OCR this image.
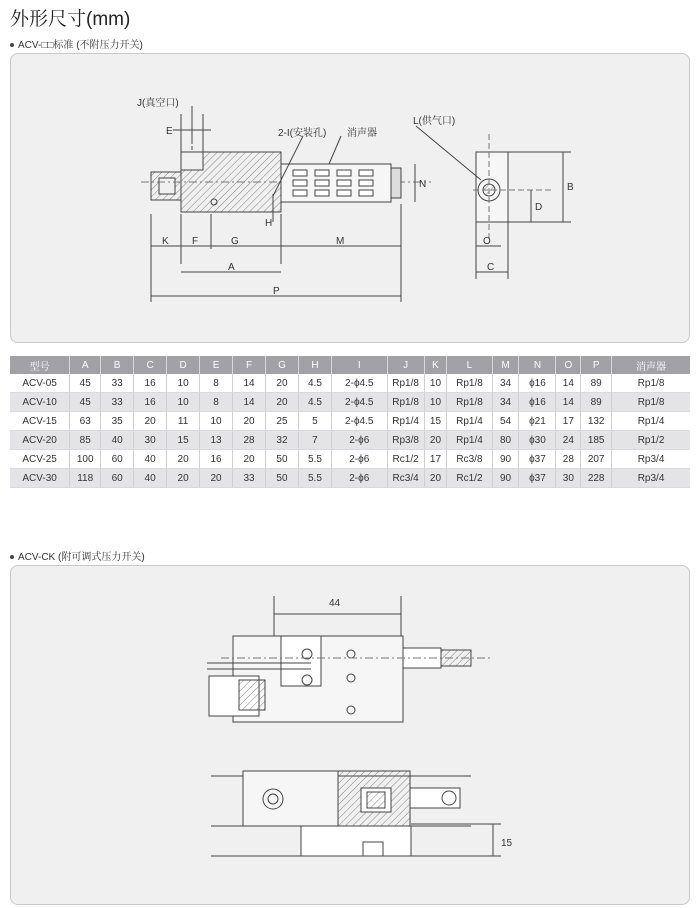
外形尺寸(mm)
ACV-□□标准 (不附压力开关)
J(真空口)
2-I(安装孔) 消声器
L(供气口)
E
K F	G	M
A
P
H
N	B
D
O
C
型号	A	B	C	D	E	F	G	H	I	J	K	L	M	N	O	P	消声器
ACV-05	45	33	16	10	8	14	20	4.5	2-ϕ4.5	Rp1/8	10	Rp1/8	34	ϕ16	14	89	Rp1/8
ACV-10	45	33	16	10	8	14	20	4.5	2-ϕ4.5	Rp1/8	10	Rp1/8	34	ϕ16	14	89	Rp1/8
ACV-15	63	35	20	11	10	20	25	5	2-ϕ4.5	Rp1/4	15	Rp1/4	54	ϕ21	17	132	Rp1/4
ACV-20	85	40	30	15	13	28	32	7	2-ϕ6	Rp3/8	20	Rp1/4	80	ϕ30	24	185	Rp1/2
ACV-25	100	60	40	20	16	20	50	5.5	2-ϕ6	Rc1/2	17	Rc3/8	90	ϕ37	28	207	Rp3/4
ACV-30	118	60	40	20	20	33	50	5.5	2-ϕ6	Rc3/4	20	Rc1/2	90	ϕ37	30	228	Rp3/4
ACV-CK (附可调式压力开关)
44
15
